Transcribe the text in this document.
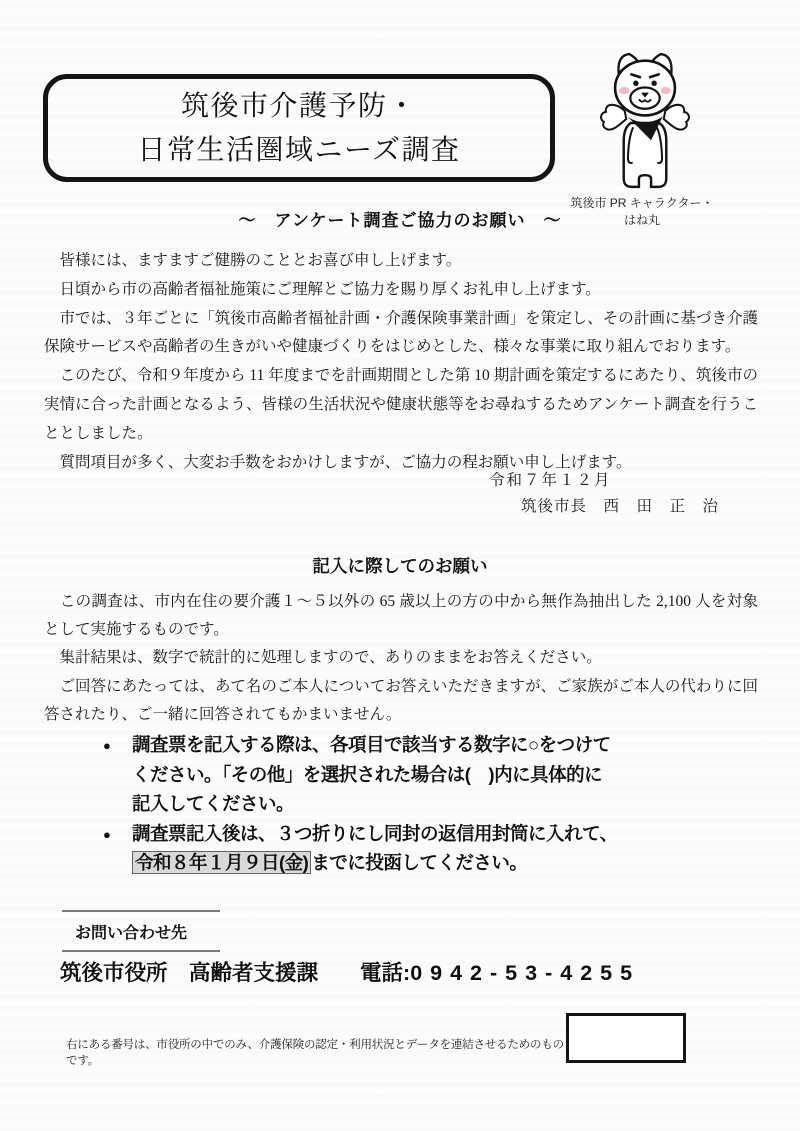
筑後市介護予防・
日常生活圏域ニーズ調査
筑後市 PR キャラクター・
はね丸
～　アンケート調査ご協力のお願い　～

　皆様には、ますますご健勝のこととお喜び申し上げます。

　日頃から市の高齢者福祉施策にご理解とご協力を賜り厚くお礼申し上げます。

　市では、３年ごとに「筑後市高齢者福祉計画・介護保険事業計画」を策定し、その計画に基づき介護保険サービスや高齢者の生きがいや健康づくりをはじめとした、様々な事業に取り組んでおります。

　このたび、令和９年度から 11 年度までを計画期間とした第 10 期計画を策定するにあたり、筑後市の実情に合った計画となるよう、皆様の生活状況や健康状態等をお尋ねするためアンケート調査を行うこととしました。

　質問項目が多く、大変お手数をおかけしますが、ご協力の程お願い申し上げます。

令和７年１２月
筑後市長　西　田　正　治
記入に際してのお願い

　この調査は、市内在住の要介護１～５以外の 65 歳以上の方の中から無作為抽出した 2,100 人を対象として実施するものです。

　集計結果は、数字で統計的に処理しますので、ありのままをお答えください。

　ご回答にあたっては、あて名のご本人についてお答えいただきますが、ご家族がご本人の代わりに回答されたり、ご一緒に回答されてもかまいません。

● 調査票を記入する際は、各項目で該当する数字に○をつけてください。「その他」を選択された場合は(　)内に具体的に記入してください。
● 調査票記入後は、３つ折りにし同封の返信用封筒に入れて、
令和８年１月９日(金) までに投函してください。
お問い合わせ先
筑後市役所　高齢者支援課 電話:0942-53-4255
右にある番号は、市役所の中でのみ、介護保険の認定・利用状況とデータを連結させるためのものです。
